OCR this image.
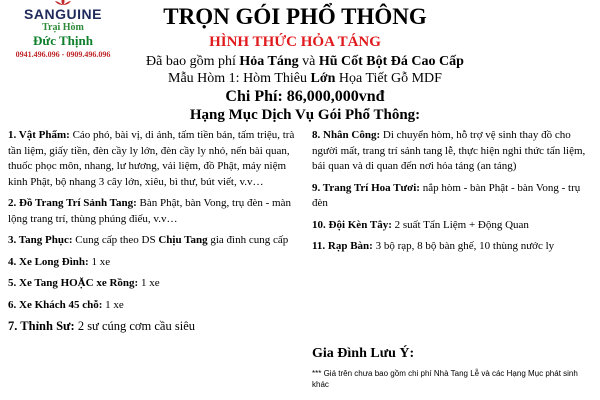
SANGUINE
Trại Hòm
Đức Thịnh
0941.496.096 - 0909.496.096
TRỌN GÓI PHỔ THÔNG
HÌNH THỨC HỎA TÁNG
Đã bao gồm phí Hỏa Táng và Hũ Cốt Bột Đá Cao Cấp
Mẫu Hòm 1: Hòm Thiêu Lớn Họa Tiết Gỗ MDF
Chi Phí: 86,000,000vnđ
Hạng Mục Dịch Vụ Gói Phổ Thông:
1. Vật Phẩm: Cáo phó, bài vị, di ảnh, tấm tiền bản, tấm triệu, trà tần liệm, giấy tiền, đèn cầy ly lớn, đèn cầy ly nhỏ, nến bài quan, thuốc phọc môn, nhang, lư hương, vải liệm, đồ Phật, máy niệm kinh Phật, bộ nhang 3 cây lớn, xiêu, bì thư, bút viết, v.v…
2. Đồ Trang Trí Sảnh Tang: Bàn Phật, bàn Vong, trụ đèn - màn lộng trang trí, thùng phúng điếu, v.v…
3. Tang Phục: Cung cấp theo DS Chịu Tang gia đình cung cấp
4. Xe Long Đình: 1 xe
5. Xe Tang HOẶC xe Rồng: 1 xe
6. Xe Khách 45 chỗ: 1 xe
7. Thỉnh Sư: 2 sư cúng cơm cầu siêu
8. Nhân Công: Di chuyển hòm, hỗ trợ vệ sinh thay đồ cho người mất, trang trí sảnh tang lễ, thực hiện nghi thức tẩn liệm, bái quan và di quan đến nơi hỏa táng (an táng)
9. Trang Trí Hoa Tươi: nắp hòm - bàn Phật - bàn Vong - trụ đèn
10. Đội Kèn Tây: 2 suất Tẩn Liệm + Động Quan
11. Rạp Bàn: 3 bộ rạp, 8 bộ bàn ghế, 10 thùng nước ly
Gia Đình Lưu Ý:
*** Giá trên chưa bao gồm chi phí Nhà Tang Lễ và các Hạng Mục phát sinh khác
